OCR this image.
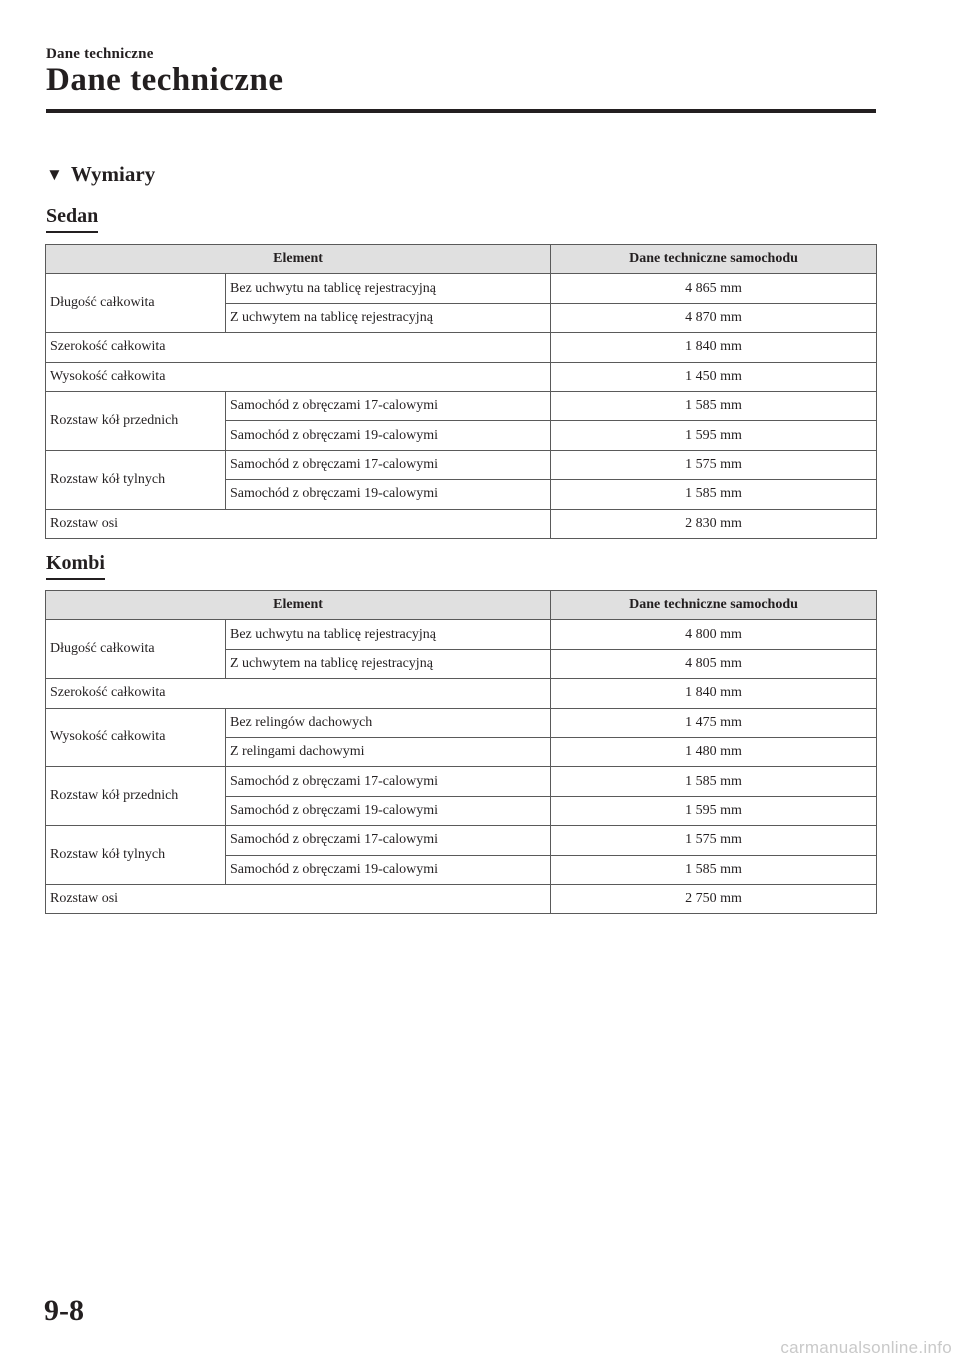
Dane techniczne
Dane techniczne
▼ Wymiary
Sedan
Element		Dane techniczne samochodu
Długość całkowita	Bez uchwytu na tablicę rejestracyjną	4 865 mm
	Z uchwytem na tablicę rejestracyjną	4 870 mm
Szerokość całkowita		1 840 mm
Wysokość całkowita		1 450 mm
Rozstaw kół przednich	Samochód z obręczami 17-calowymi	1 585 mm
	Samochód z obręczami 19-calowymi	1 595 mm
Rozstaw kół tylnych	Samochód z obręczami 17-calowymi	1 575 mm
	Samochód z obręczami 19-calowymi	1 585 mm
Rozstaw osi		2 830 mm
Kombi
Element		Dane techniczne samochodu
Długość całkowita	Bez uchwytu na tablicę rejestracyjną	4 800 mm
	Z uchwytem na tablicę rejestracyjną	4 805 mm
Szerokość całkowita		1 840 mm
Wysokość całkowita	Bez relingów dachowych	1 475 mm
	Z relingami dachowymi	1 480 mm
Rozstaw kół przednich	Samochód z obręczami 17-calowymi	1 585 mm
	Samochód z obręczami 19-calowymi	1 595 mm
Rozstaw kół tylnych	Samochód z obręczami 17-calowymi	1 575 mm
	Samochód z obręczami 19-calowymi	1 585 mm
Rozstaw osi		2 750 mm
9-8
carmanualsonline.info
